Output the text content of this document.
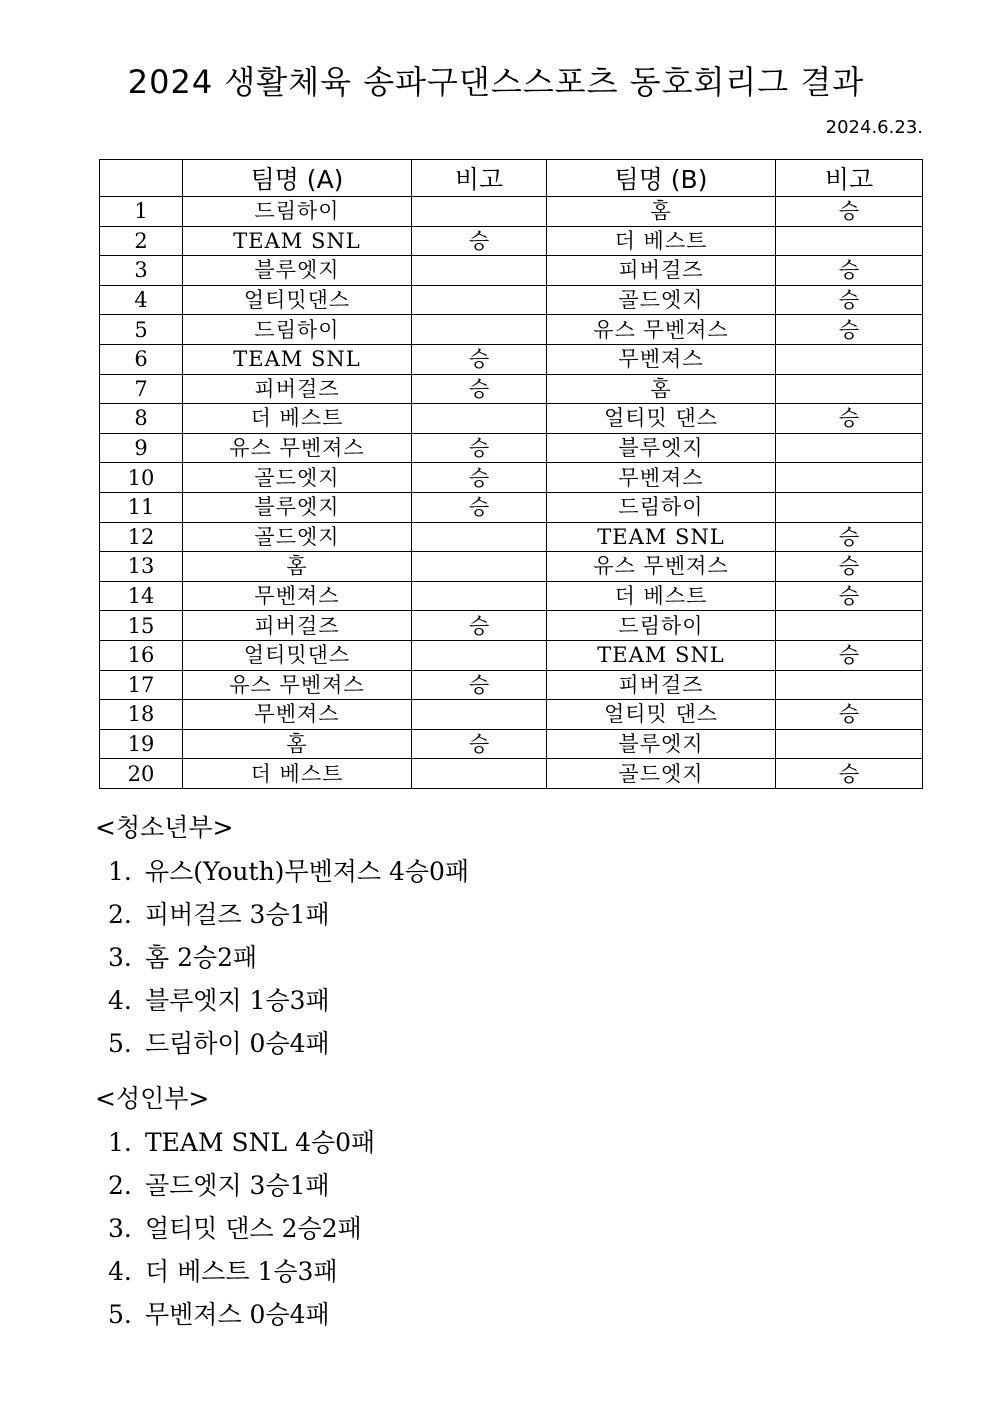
2024 생활체육 송파구댄스스포츠 동호회리그 결과
2024.6.23.
	팀명 (A)	비고	팀명 (B)	비고
1	드림하이		홈	승
2	TEAM SNL	승	더 베스트	
3	블루엣지		피버걸즈	승
4	얼티밋댄스		골드엣지	승
5	드림하이		유스 무벤져스	승
6	TEAM SNL	승	무벤져스	
7	피버걸즈	승	홈	
8	더 베스트		얼티밋 댄스	승
9	유스 무벤져스	승	블루엣지	
10	골드엣지	승	무벤져스	
11	블루엣지	승	드림하이	
12	골드엣지		TEAM SNL	승
13	홈		유스 무벤져스	승
14	무벤져스		더 베스트	승
15	피버걸즈	승	드림하이	
16	얼티밋댄스		TEAM SNL	승
17	유스 무벤져스	승	피버걸즈	
18	무벤져스		얼티밋 댄스	승
19	홈	승	블루엣지	
20	더 베스트		골드엣지	승
<청소년부>
1. 유스(Youth)무벤져스 4승0패
2. 피버걸즈 3승1패
3. 홈 2승2패
4. 블루엣지 1승3패
5. 드림하이 0승4패
<성인부>
1. TEAM SNL 4승0패
2. 골드엣지 3승1패
3. 얼티밋 댄스 2승2패
4. 더 베스트 1승3패
5. 무벤져스 0승4패
